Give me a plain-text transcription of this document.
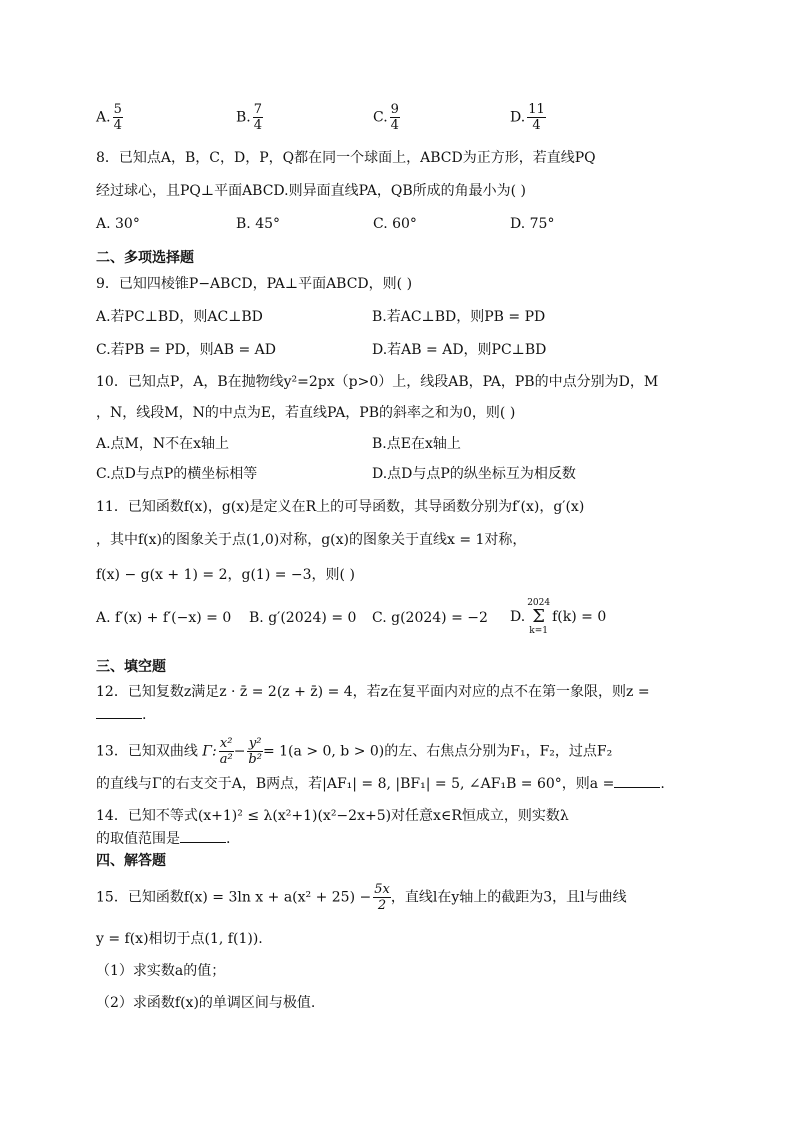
A. $\frac{5}{4}$	B. $\frac{7}{4}$	C. $\frac{9}{4}$	D. $\frac{11}{4}$
8．已知点A，B，C，D，P，Q都在同一个球面上，ABCD为正方形，若直线PQ
经过球心，且PQ⊥平面ABCD.则异面直线PA，QB所成的角最小为( )
A. 30°	B. 45°	C. 60°	D. 75°
二、多项选择题
9．已知四棱锥P−ABCD，PA⊥平面ABCD，则( )
A.若PC⊥BD，则AC⊥BD	B.若AC⊥BD，则PB = PD
C.若PB = PD，则AB = AD	D.若AB = AD，则PC⊥BD
10．已知点P，A，B在抛物线y²=2px（p>0）上，线段AB，PA，PB的中点分别为D，M
，N，线段M，N的中点为E，若直线PA，PB的斜率之和为0，则( )
A.点M，N不在x轴上	B.点E在x轴上
C.点D与点P的横坐标相等	D.点D与点P的纵坐标互为相反数
11．已知函数f(x)，g(x)是定义在R上的可导函数，其导函数分别为f′(x)，g′(x)
，其中f(x)的图象关于点(1,0)对称，g(x)的图象关于直线x = 1对称，
f(x) − g(x + 1) = 2，g(1) = −3，则( )
A. f′(x) + f′(−x) = 0 B. g′(2024) = 0 C. g(2024) = −2 D.2024
Σ
k=1f(k) = 0
三、填空题
12．已知复数z满足z · z̄ = 2(z + z̄) = 4，若z在复平面内对应的点不在第一象限，则z =
.
13．已知双曲线 Γ: $\frac{\text{x²}}{\text{a²}} - \frac{\text{y²}}{\text{b²}} = 1(a > 0$, b > 0)的左、右焦点分别为F₁，F₂，过点F₂
的直线与Γ的右支交于A，B两点，若|AF₁| = 8, |BF₁| = 5, ∠AF₁B = 60°，则a =	.
14．已知不等式(x+1)² ≤ λ(x²+1)(x²−2x+5)对任意x∈R恒成立，则实数λ
的取值范围是	.
四、解答题
15．已知函数f(x) = 3ln $x + a(x^2 + 25) - \frac{5x}{2}$ ，直线l在y轴上的截距为3，且l与曲线
y = f(x)相切于点(1, f(1)).
（1）求实数a的值；
（2）求函数f(x)的单调区间与极值.
